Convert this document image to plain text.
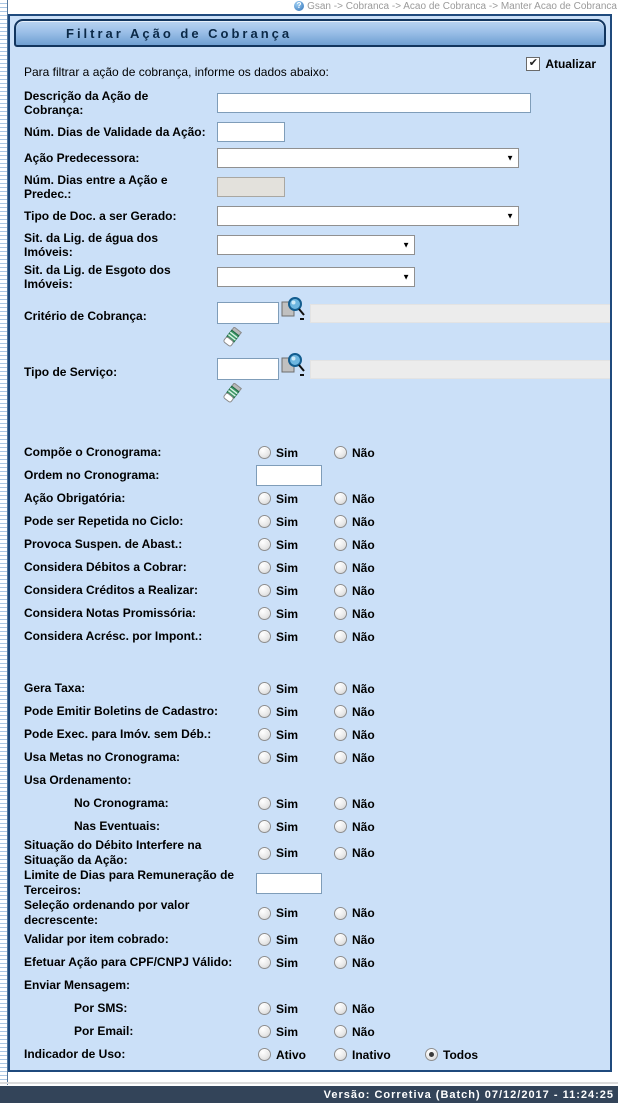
? Gsan -> Cobranca -> Acao de Cobranca -> Manter Acao de Cobranca
Filtrar Ação de Cobrança
Para filtrar a ação de cobrança, informe os dados abaixo:
✔ Atualizar
Descrição da Ação de Cobrança:
Núm. Dias de Validade da Ação:
Ação Predecessora:	▼
Núm. Dias entre a Ação e Predec.:
Tipo de Doc. a ser Gerado:	▼
Sit. da Lig. de água dos Imóveis:	▼
Sit. da Lig. de Esgoto dos Imóveis:	▼
Critério de Cobrança:
Tipo de Serviço:
Compõe o Cronograma:	Sim	Não
Ordem no Cronograma:
Ação Obrigatória:	Sim	Não
Pode ser Repetida no Ciclo:	Sim	Não
Provoca Suspen. de Abast.:	Sim	Não
Considera Débitos a Cobrar:	Sim	Não
Considera Créditos a Realizar:	Sim	Não
Considera Notas Promissória:	Sim	Não
Considera Acrésc. por Impont.:	Sim	Não
Gera Taxa:	Sim	Não
Pode Emitir Boletins de Cadastro:	Sim	Não
Pode Exec. para Imóv. sem Déb.:	Sim	Não
Usa Metas no Cronograma:	Sim	Não
Usa Ordenamento:
No Cronograma:	Sim	Não
Nas Eventuais:	Sim	Não
Situação do Débito Interfere na Situação da Ação:	Sim	Não
Limite de Dias para Remuneração de Terceiros:
Seleção ordenando por valor decrescente:	Sim	Não
Validar por item cobrado:	Sim	Não
Efetuar Ação para CPF/CNPJ Válido:	Sim	Não
Enviar Mensagem:
Por SMS:	Sim	Não
Por Email:	Sim	Não
Indicador de Uso:	Ativo	Inativo	Todos

Versão: Corretiva (Batch) 07/12/2017 - 11:24:25
